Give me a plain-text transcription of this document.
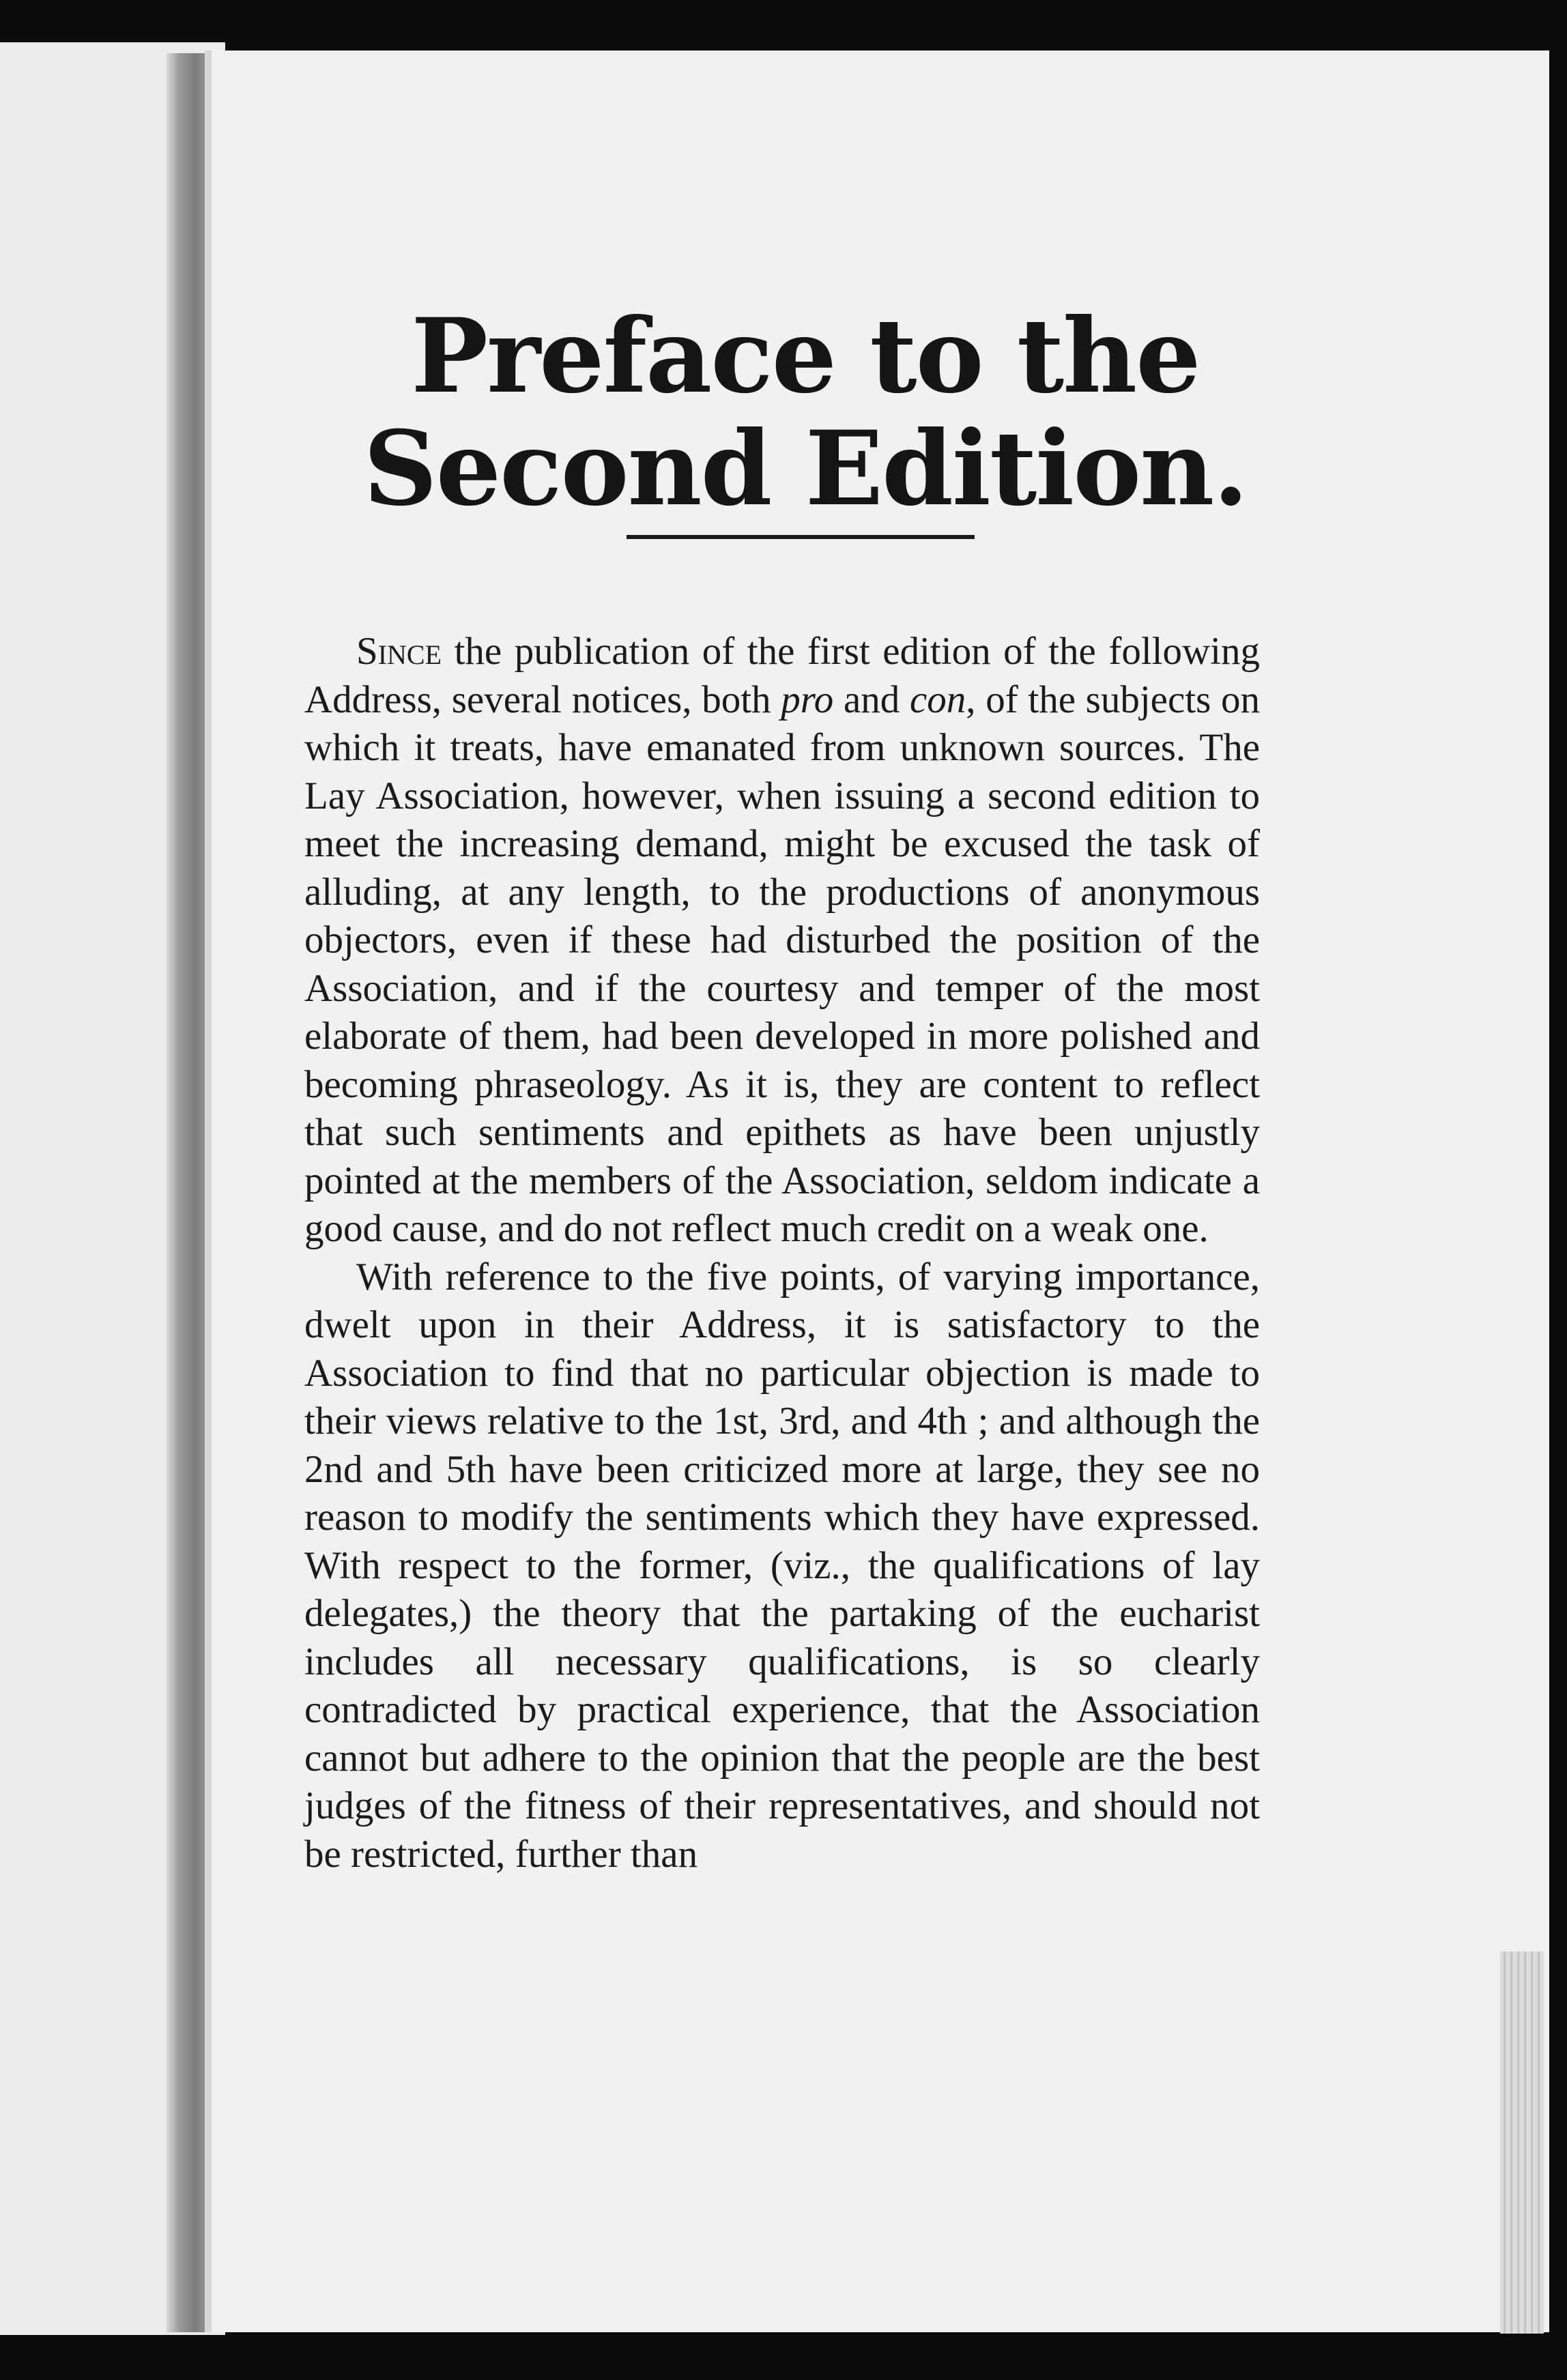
Preface to the Second Edition.

Since the publication of the first edition of the following Address, several notices, both pro and con, of the subjects on which it treats, have emanated from unknown sources. The Lay Association, however, when issuing a second edition to meet the increasing demand, might be excused the task of alluding, at any length, to the productions of anonymous objectors, even if these had disturbed the position of the Association, and if the courtesy and temper of the most elaborate of them, had been developed in more polished and becoming phraseology. As it is, they are content to reflect that such sentiments and epithets as have been unjustly pointed at the members of the Association, seldom indicate a good cause, and do not reflect much credit on a weak one.

With reference to the five points, of varying importance, dwelt upon in their Address, it is satisfactory to the Association to find that no particular objection is made to their views relative to the 1st, 3rd, and 4th ; and although the 2nd and 5th have been criticized more at large, they see no reason to modify the sentiments which they have expressed. With respect to the former, (viz., the qualifications of lay delegates,) the theory that the partaking of the eucharist includes all necessary qualifications, is so clearly contradicted by practical experience, that the Association cannot but adhere to the opinion that the people are the best judges of the fitness of their representatives, and should not be restricted, further than
